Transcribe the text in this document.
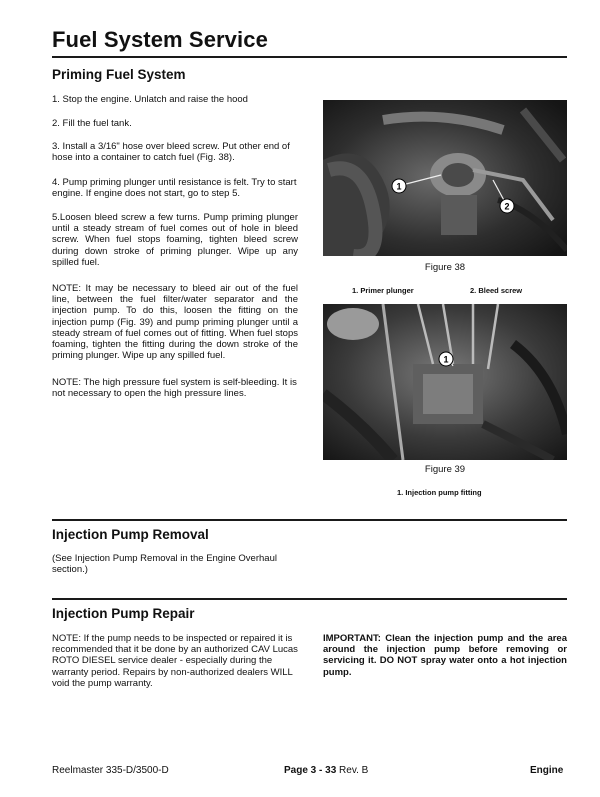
Fuel System Service
Priming Fuel System

1. Stop the engine. Unlatch and raise the hood

2. Fill the fuel tank.

3. Install a 3/16" hose over bleed screw. Put other end of hose into a container to catch fuel (Fig. 38).

4. Pump priming plunger until resistance is felt. Try to start engine. If engine does not start, go to step 5.

5.Loosen bleed screw a few turns. Pump priming plunger until a steady stream of fuel comes out of hole in bleed screw. When fuel stops foaming, tighten bleed screw during down stroke of priming plunger. Wipe up any spilled fuel.

NOTE: It may be necessary to bleed air out of the fuel line, between the fuel filter/water separator and the injection pump. To do this, loosen the fitting on the injection pump (Fig. 39) and pump priming plunger until a steady stream of fuel comes out of fitting. When fuel stops foaming, tighten the fitting during the down stroke of the priming plunger. Wipe up any spilled fuel.

NOTE: The high pressure fuel system is self-bleeding. It is not necessary to open the high pressure lines.

1
2
Figure 38
1. Primer plunger	2. Bleed screw
1
Figure 39
1. Injection pump fitting
Injection Pump Removal

(See Injection Pump Removal in the Engine Overhaul section.)

Injection Pump Repair

NOTE: If the pump needs to be inspected or repaired it is recommended that it be done by an authorized CAV Lucas ROTO DIESEL service dealer - especially during the warranty period. Repairs by non-authorized dealers WILL void the pump warranty.

IMPORTANT: Clean the injection pump and the area around the injection pump before removing or servicing it. DO NOT spray water onto a hot injection pump.

Reelmaster 335-D/3500-D	Page 3 - 33 Rev. B	Engine
